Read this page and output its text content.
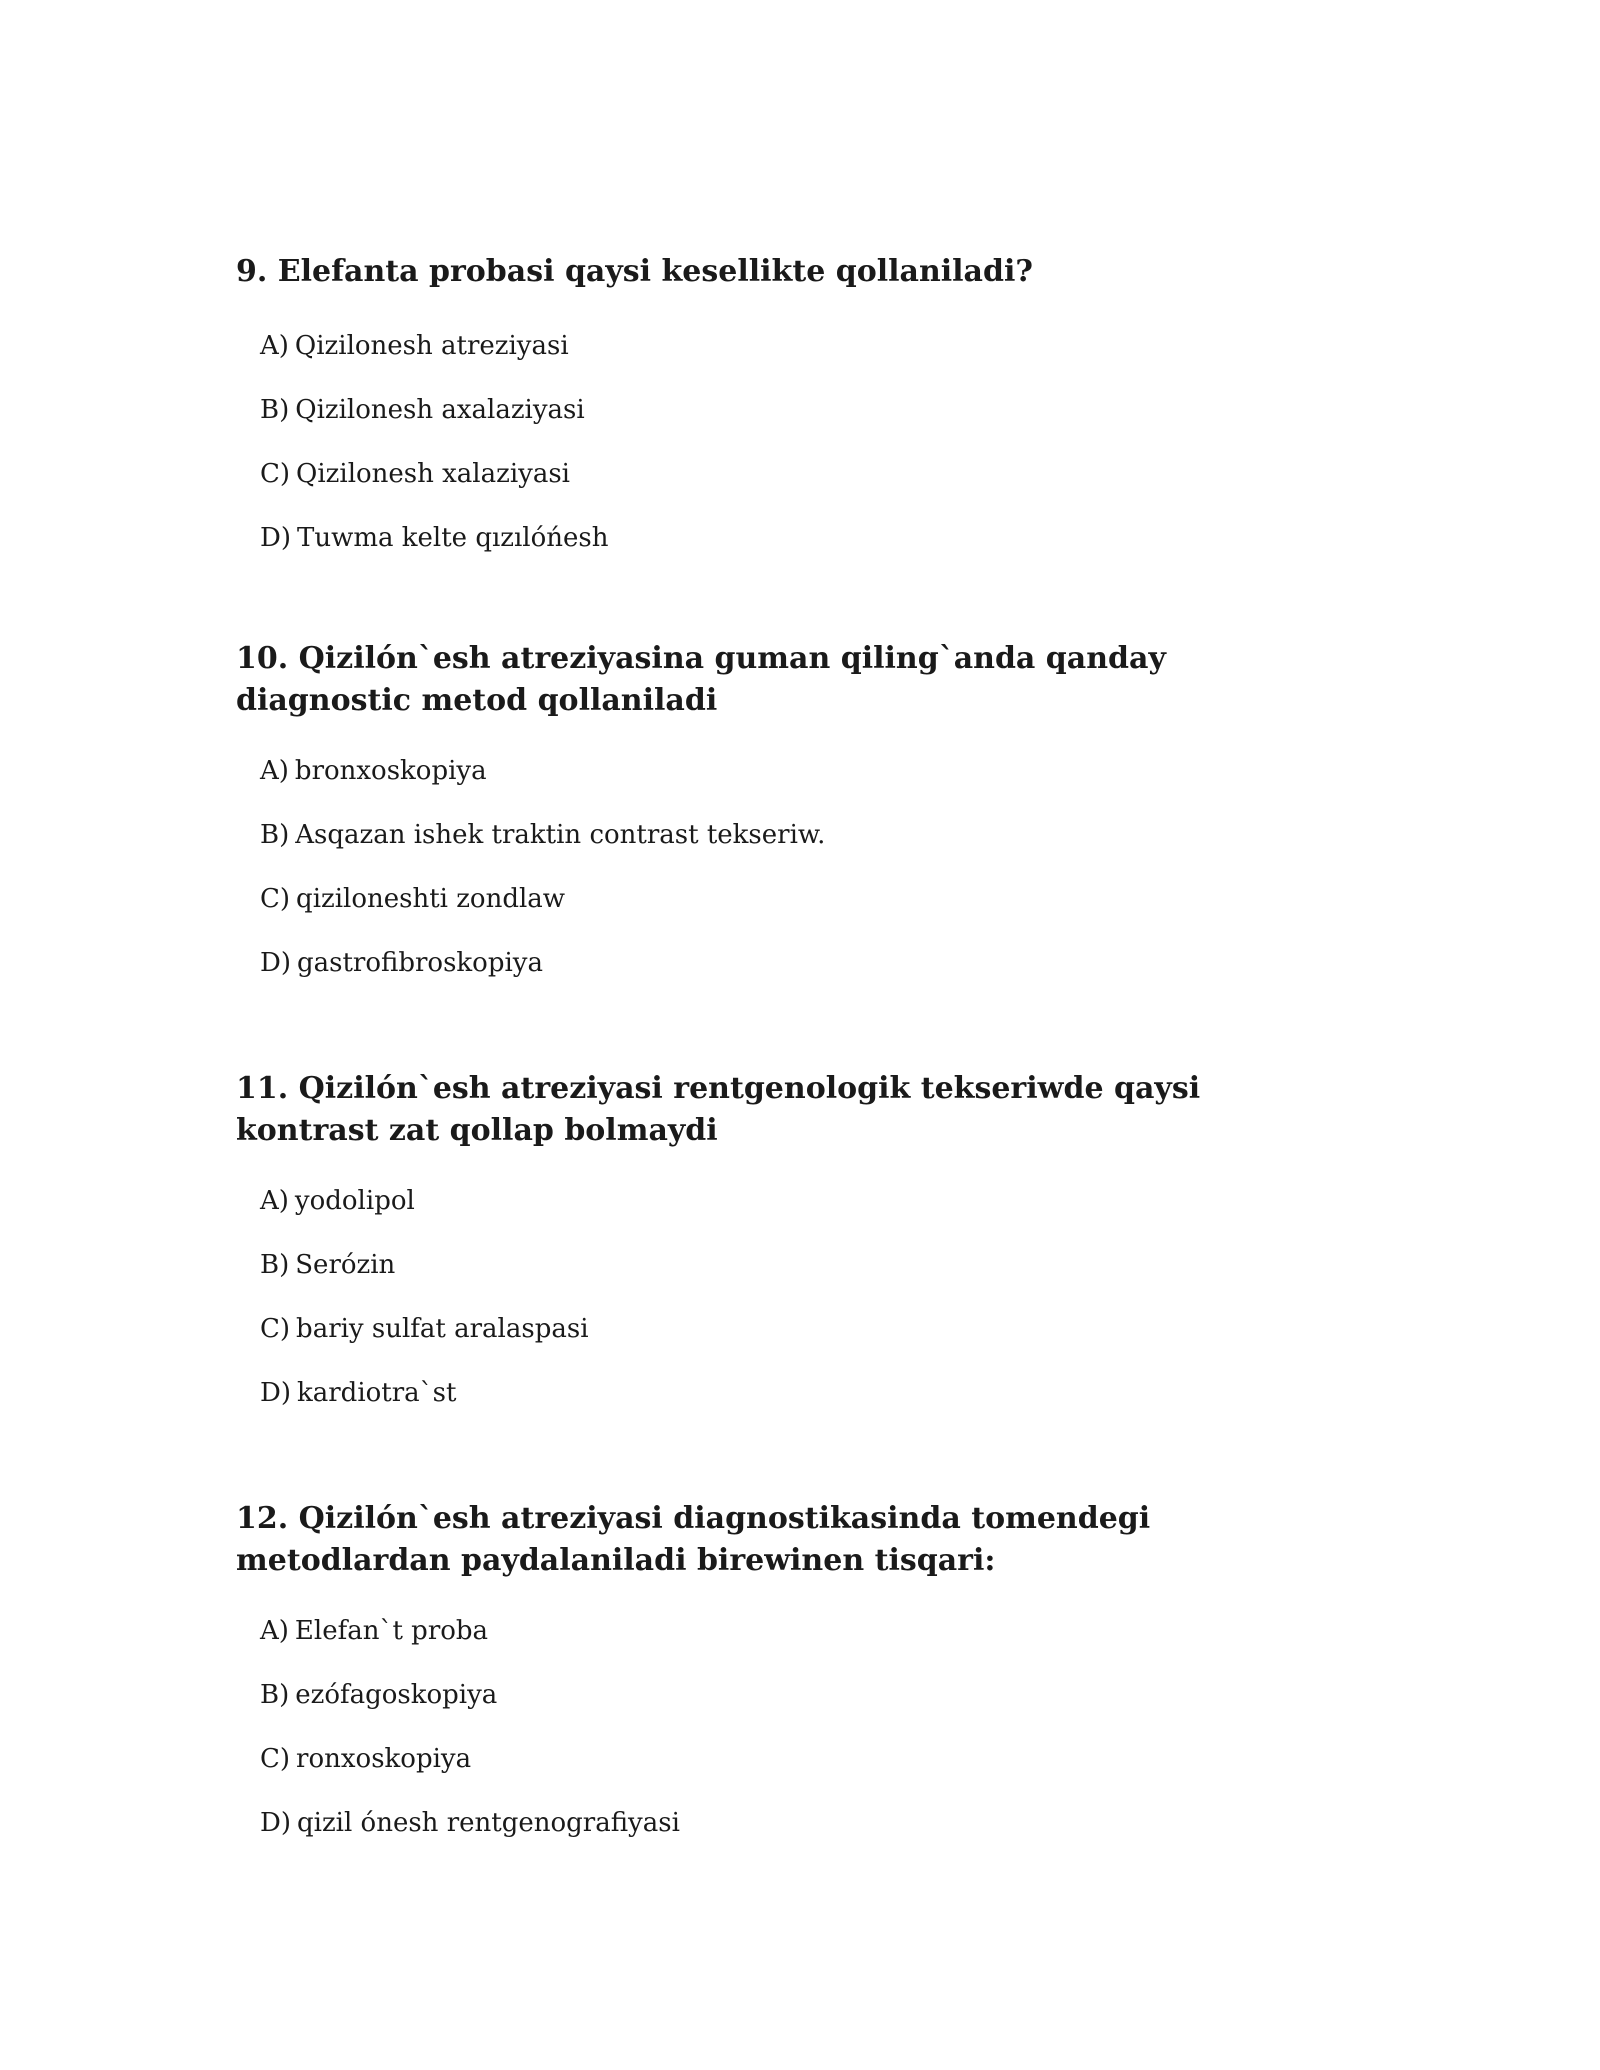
9. Elefanta probasi qaysi kesellikte qollaniladi?

A) Qizilonesh atreziyasi
B) Qizilonesh axalaziyasi
C) Qizilonesh xalaziyasi
D) Tuwma kelte qızılóńesh

10. Qizilón`esh atreziyasina guman qiling`anda qanday diagnostic metod qollaniladi

A) bronxoskopiya
B) Asqazan ishek traktin contrast tekseriw.
C) qiziloneshti zondlaw
D) gastrofibroskopiya

11. Qizilón`esh atreziyasi rentgenologik tekseriwde qaysi kontrast zat qollap bolmaydi

A) yodolipol
B) Serózin
C) bariy sulfat aralaspasi
D) kardiotra`st

12. Qizilón`esh atreziyasi diagnostikasinda tomendegi metodlardan paydalaniladi birewinen tisqari:

A) Elefan`t proba
B) ezófagoskopiya
C) ronxoskopiya
D) qizil ónesh rentgenografiyasi
